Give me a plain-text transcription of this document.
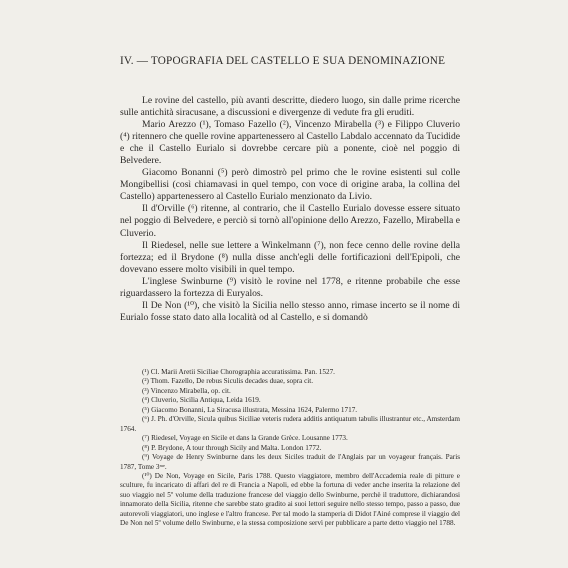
IV. — TOPOGRAFIA DEL CASTELLO E SUA DENOMINAZIONE

Le rovine del castello, più avanti descritte, diedero luogo, sin dalle prime ricerche sulle antichità siracusane, a discussioni e divergenze di vedute fra gli eruditi.

Mario Arezzo (¹), Tomaso Fazello (²), Vincenzo Mirabella (³) e Filippo Cluverio (⁴) ritennero che quelle rovine appartenessero al Castello Labdalo accennato da Tucidide e che il Castello Eurialo si dovrebbe cercare più a ponente, cioè nel poggio di Belvedere.

Giacomo Bonanni (⁵) però dimostrò pel primo che le rovine esistenti sul colle Mongibellisi (così chiamavasi in quel tempo, con voce di origine araba, la collina del Castello) appartenessero al Castello Eurialo menzionato da Livio.

Il d'Orville (⁶) ritenne, al contrario, che il Castello Eurialo dovesse essere situato nel poggio di Belvedere, e perciò si tornò all'opinione dello Arezzo, Fazello, Mirabella e Cluverio.

Il Riedesel, nelle sue lettere a Winkelmann (⁷), non fece cenno delle rovine della fortezza; ed il Brydone (⁸) nulla disse anch'egli delle fortificazioni dell'Epipoli, che dovevano essere molto visibili in quel tempo.

L'inglese Swinburne (⁹) visitò le rovine nel 1778, e ritenne probabile che esse riguardassero la fortezza di Euryalos.

Il De Non (¹⁰), che visitò la Sicilia nello stesso anno, rimase incerto se il nome di Eurialo fosse stato dato alla località od al Castello, e si domandò

(¹) Cl. Marii Aretii Siciliae Chorographia accuratissima. Pan. 1527.

(²) Thom. Fazello, De rebus Siculis decades duae, sopra cit.

(³) Vincenzo Mirabella, op. cit.

(⁴) Cluverio, Sicilia Antiqua, Leida 1619.

(⁵) Giacomo Bonanni, La Siracusa illustrata, Messina 1624, Palermo 1717.

(⁶) J. Ph. d'Orville, Sicula quibus Siciliae veteris rudera additis antiquatum tabulis illustrantur etc., Amsterdam 1764.

(⁷) Riedesel, Voyage en Sicile et dans la Grande Grèce. Lousanne 1773.

(⁸) P. Brydone, A tour through Sicily and Malta. London 1772.

(⁹) Voyage de Henry Swinburne dans les deux Siciles traduit de l'Anglais par un voyageur français. Paris 1787, Tome 3ᵐᵉ.

(¹⁰) De Non, Voyage en Sicile, Paris 1788. Questo viaggiatore, membro dell'Accademia reale di pitture e sculture, fu incaricato di affari del re di Francia a Napoli, ed ebbe la fortuna di veder anche inserita la relazione del suo viaggio nel 5º volume della traduzione francese del viaggio dello Swinburne, perchè il traduttore, dichiarandosi innamorato della Sicilia, ritenne che sarebbe stato gradito ai suoi lettori seguire nello stesso tempo, passo a passo, due autorevoli viaggiatori, uno inglese e l'altro francese. Per tal modo la stamperia di Didot l'Ainé comprese il viaggio del De Non nel 5º volume dello Swinburne, e la stessa composizione servì per pubblicare a parte detto viaggio nel 1788.
